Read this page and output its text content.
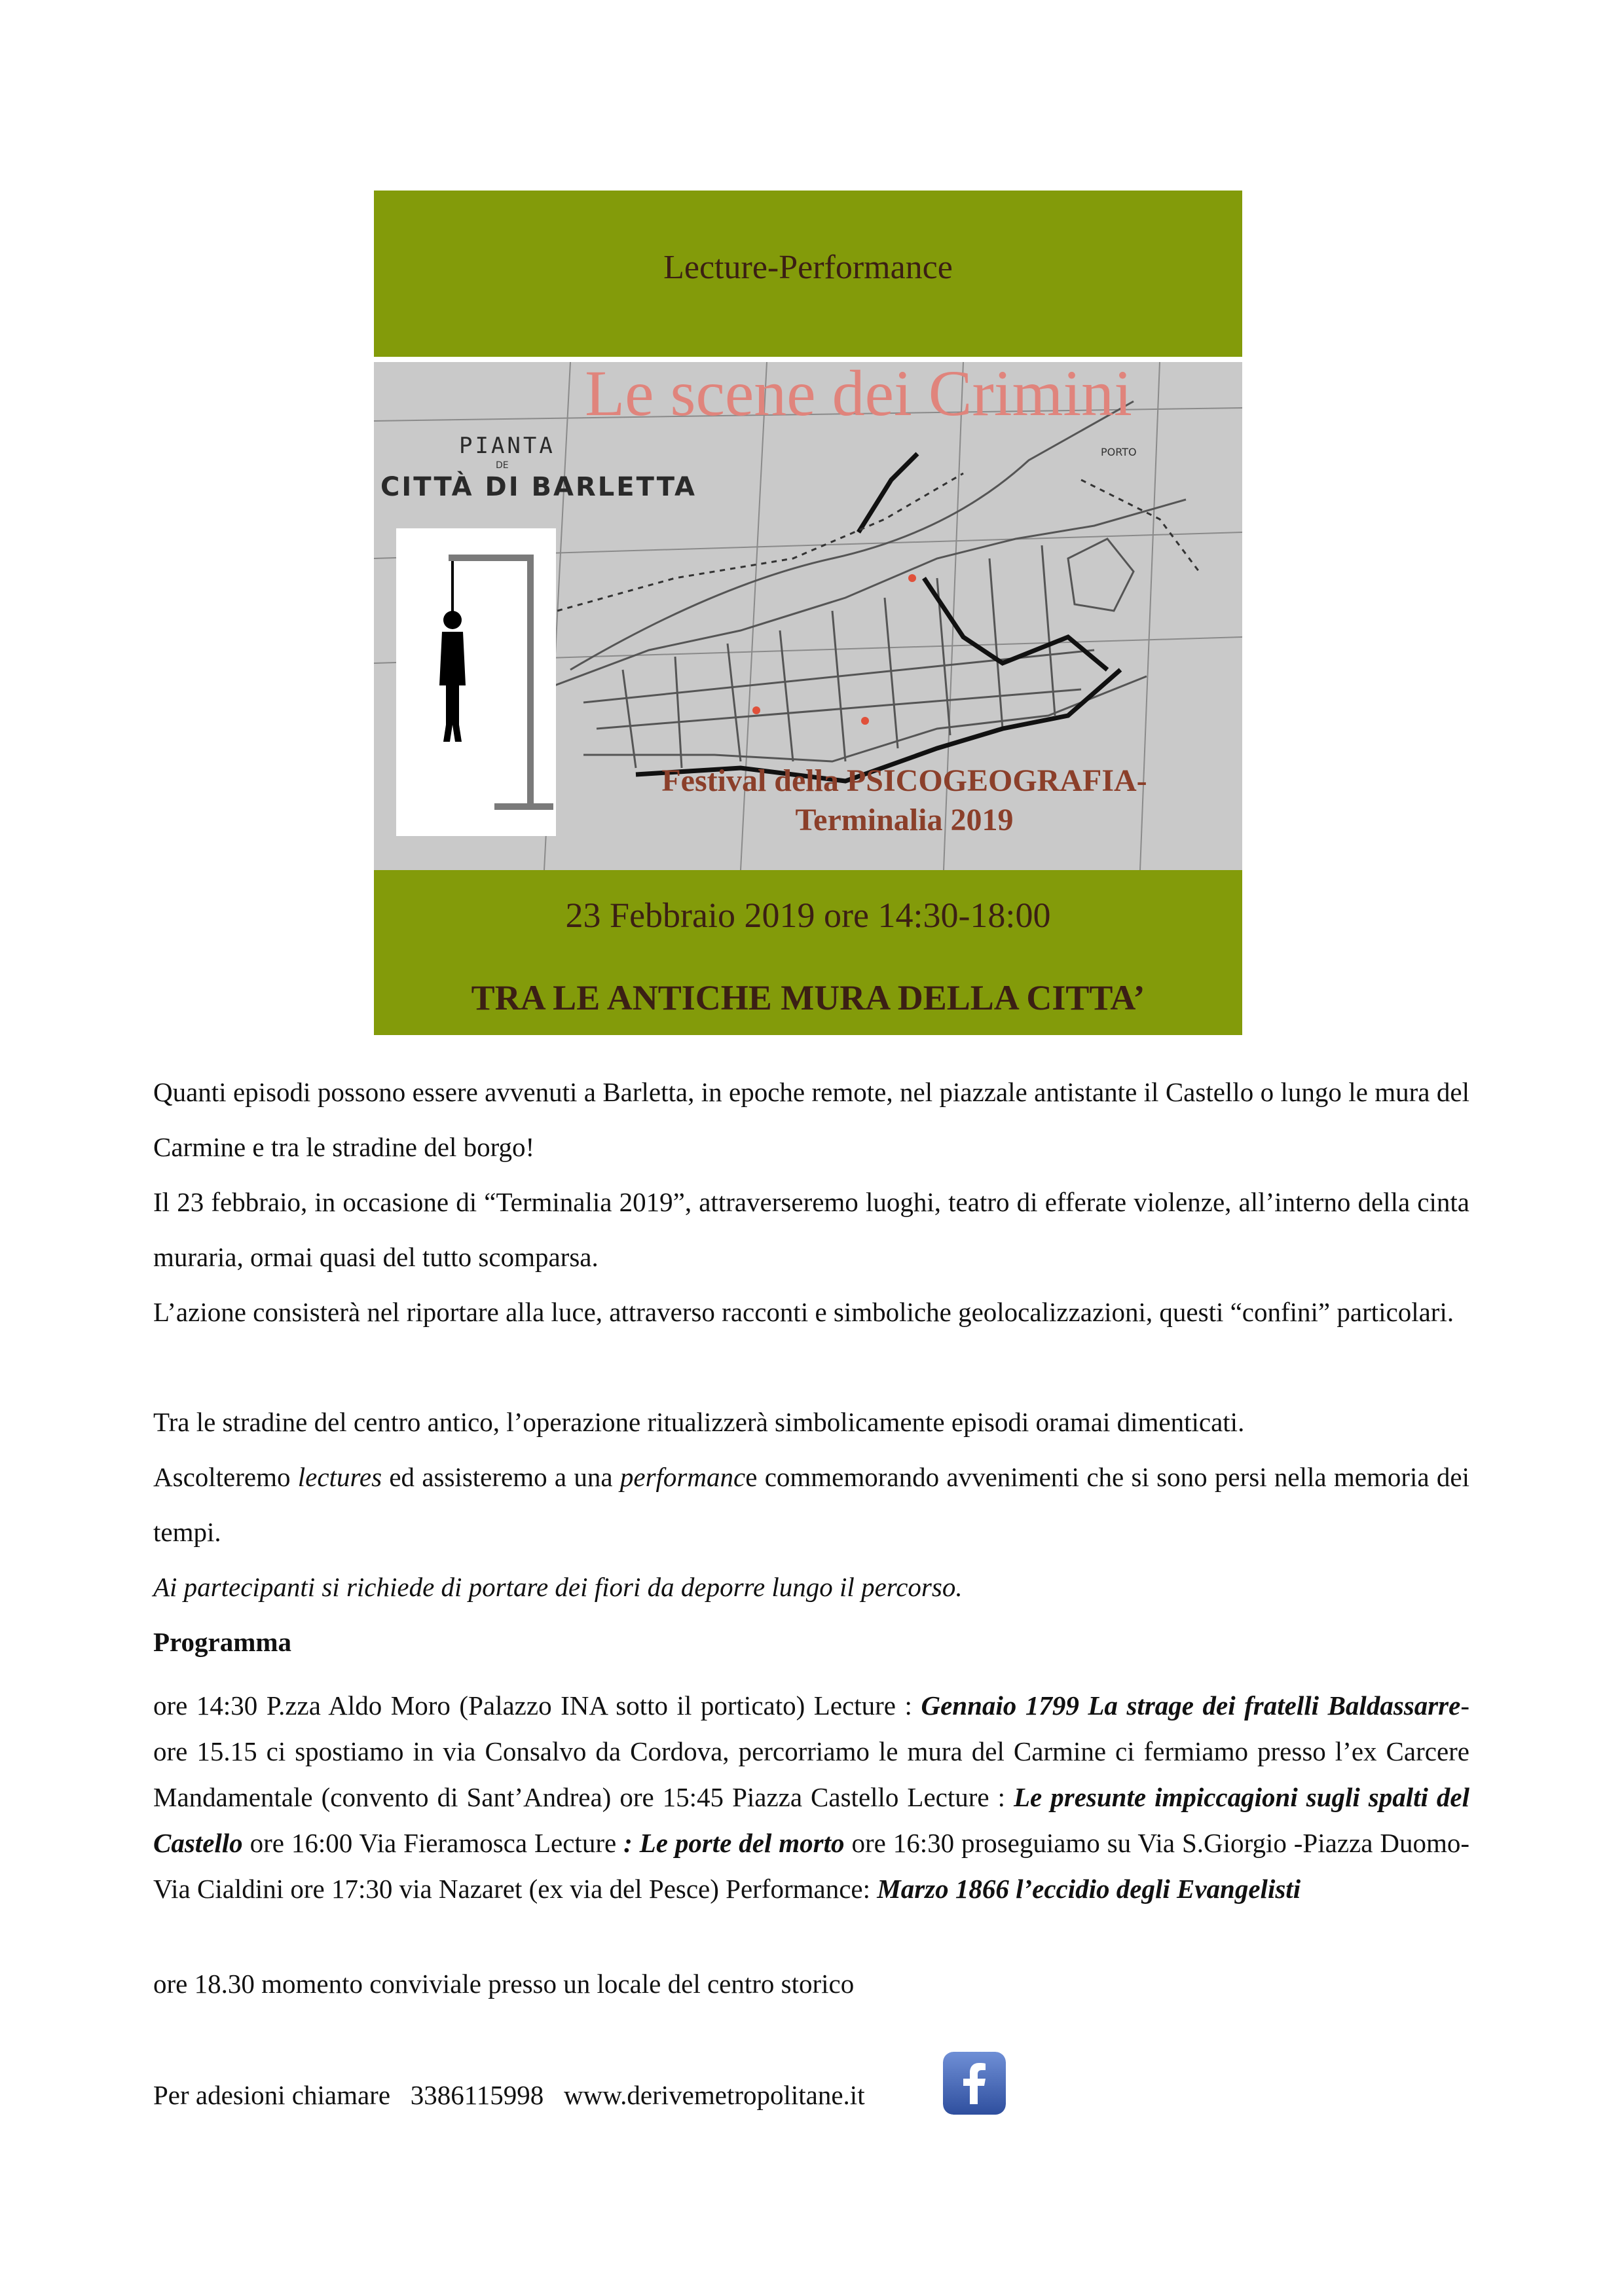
Lecture-Performance
Le scene dei Crimini
PIANTA
DE
CITTÀ DI BARLETTA
PORTO
Festival della PSICOGEOGRAFIA-
Terminalia 2019
23 Febbraio 2019 ore 14:30-18:00
TRA LE ANTICHE MURA DELLA CITTA’
Quanti episodi possono essere avvenuti a Barletta, in epoche remote, nel piazzale antistante il Castello o lungo le mura del Carmine e tra le stradine del borgo!
Il 23 febbraio, in occasione di “Terminalia 2019”, attraverseremo luoghi, teatro di efferate violenze, all’interno della cinta muraria, ormai quasi del tutto scomparsa.
L’azione consisterà nel riportare alla luce, attraverso racconti e simboliche geolocalizzazioni, questi “confini” particolari.
Tra le stradine del centro antico, l’operazione ritualizzerà simbolicamente episodi oramai dimenticati.
Ascolteremo lectures ed assisteremo a una performance commemorando avvenimenti che si sono persi nella memoria dei tempi.
Ai partecipanti si richiede di portare dei fiori da deporre lungo il percorso.
Programma
ore 14:30 P.zza Aldo Moro (Palazzo INA sotto il porticato) Lecture : Gennaio 1799 La strage dei fratelli Baldassarre- ore 15.15 ci spostiamo in via Consalvo da Cordova, percorriamo le mura del Carmine ci fermiamo presso l’ex Carcere Mandamentale (convento di Sant’Andrea) ore 15:45 Piazza Castello Lecture : Le presunte impiccagioni sugli spalti del Castello ore 16:00 Via Fieramosca Lecture : Le porte del morto ore 16:30 proseguiamo su Via S.Giorgio -Piazza Duomo-Via Cialdini ore 17:30 via Nazaret (ex via del Pesce) Performance: Marzo 1866 l’eccidio degli Evangelisti
ore 18.30 momento conviviale presso un locale del centro storico
Per adesioni chiamare 3386115998 www.derivemetropolitane.it
